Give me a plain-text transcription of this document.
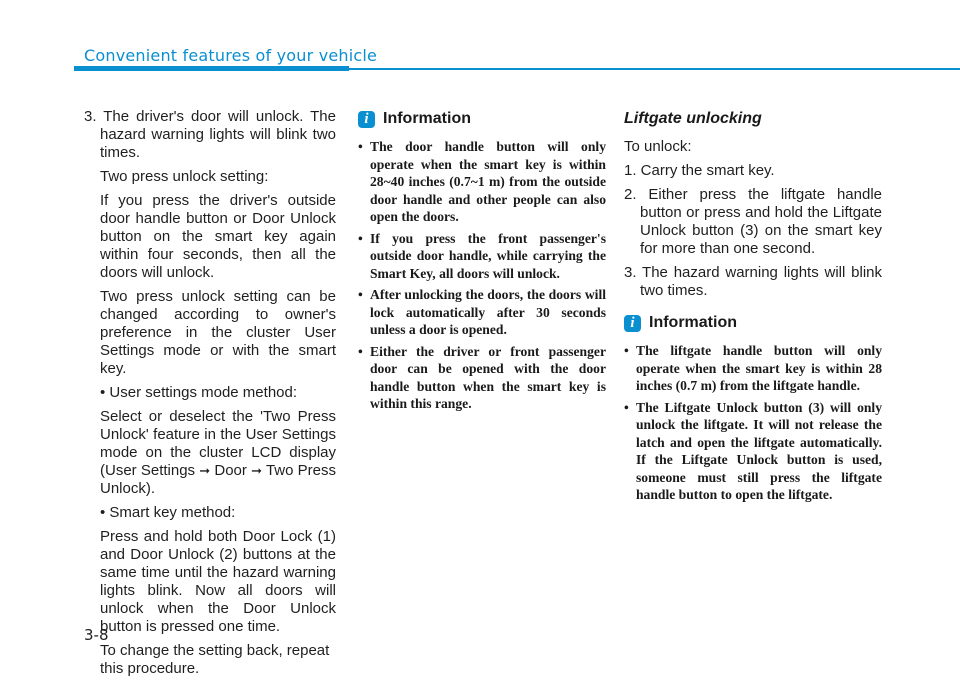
Convenient features of your vehicle

3. The driver's door will unlock. The hazard warning lights will blink two times.

Two press unlock setting:

If you press the driver's outside door handle button or Door Unlock button on the smart key again within four seconds, then all the doors will unlock.

Two press unlock setting can be changed according to owner's preference in the cluster User Settings mode or with the smart key.

• User settings mode method:

Select or deselect the 'Two Press Unlock' feature in the User Settings mode on the cluster LCD display (User Settings ➞ Door ➞ Two Press Unlock).

• Smart key method:

Press and hold both Door Lock (1) and Door Unlock (2) buttons at the same time until the hazard warning lights blink. Now all doors will unlock when the Door Unlock button is pressed one time.

To change the setting back, repeat this procedure.

i Information
• The door handle button will only operate when the smart key is within 28~40 inches (0.7~1 m) from the outside door handle and other people can also open the doors.
• If you press the front passenger's outside door handle, while carrying the Smart Key, all doors will unlock.
• After unlocking the doors, the doors will lock automatically after 30 seconds unless a door is opened.
• Either the driver or front passenger door can be opened with the door handle button when the smart key is within this range.
Liftgate unlocking

To unlock:

1. Carry the smart key.

2. Either press the liftgate handle button or press and hold the Liftgate Unlock button (3) on the smart key for more than one second.

3. The hazard warning lights will blink two times.

i Information
• The liftgate handle button will only operate when the smart key is within 28 inches (0.7 m) from the liftgate handle.
• The Liftgate Unlock button (3) will only unlock the liftgate. It will not release the latch and open the liftgate automatically. If the Liftgate Unlock button is used, someone must still press the liftgate handle button to open the liftgate.
3-8
